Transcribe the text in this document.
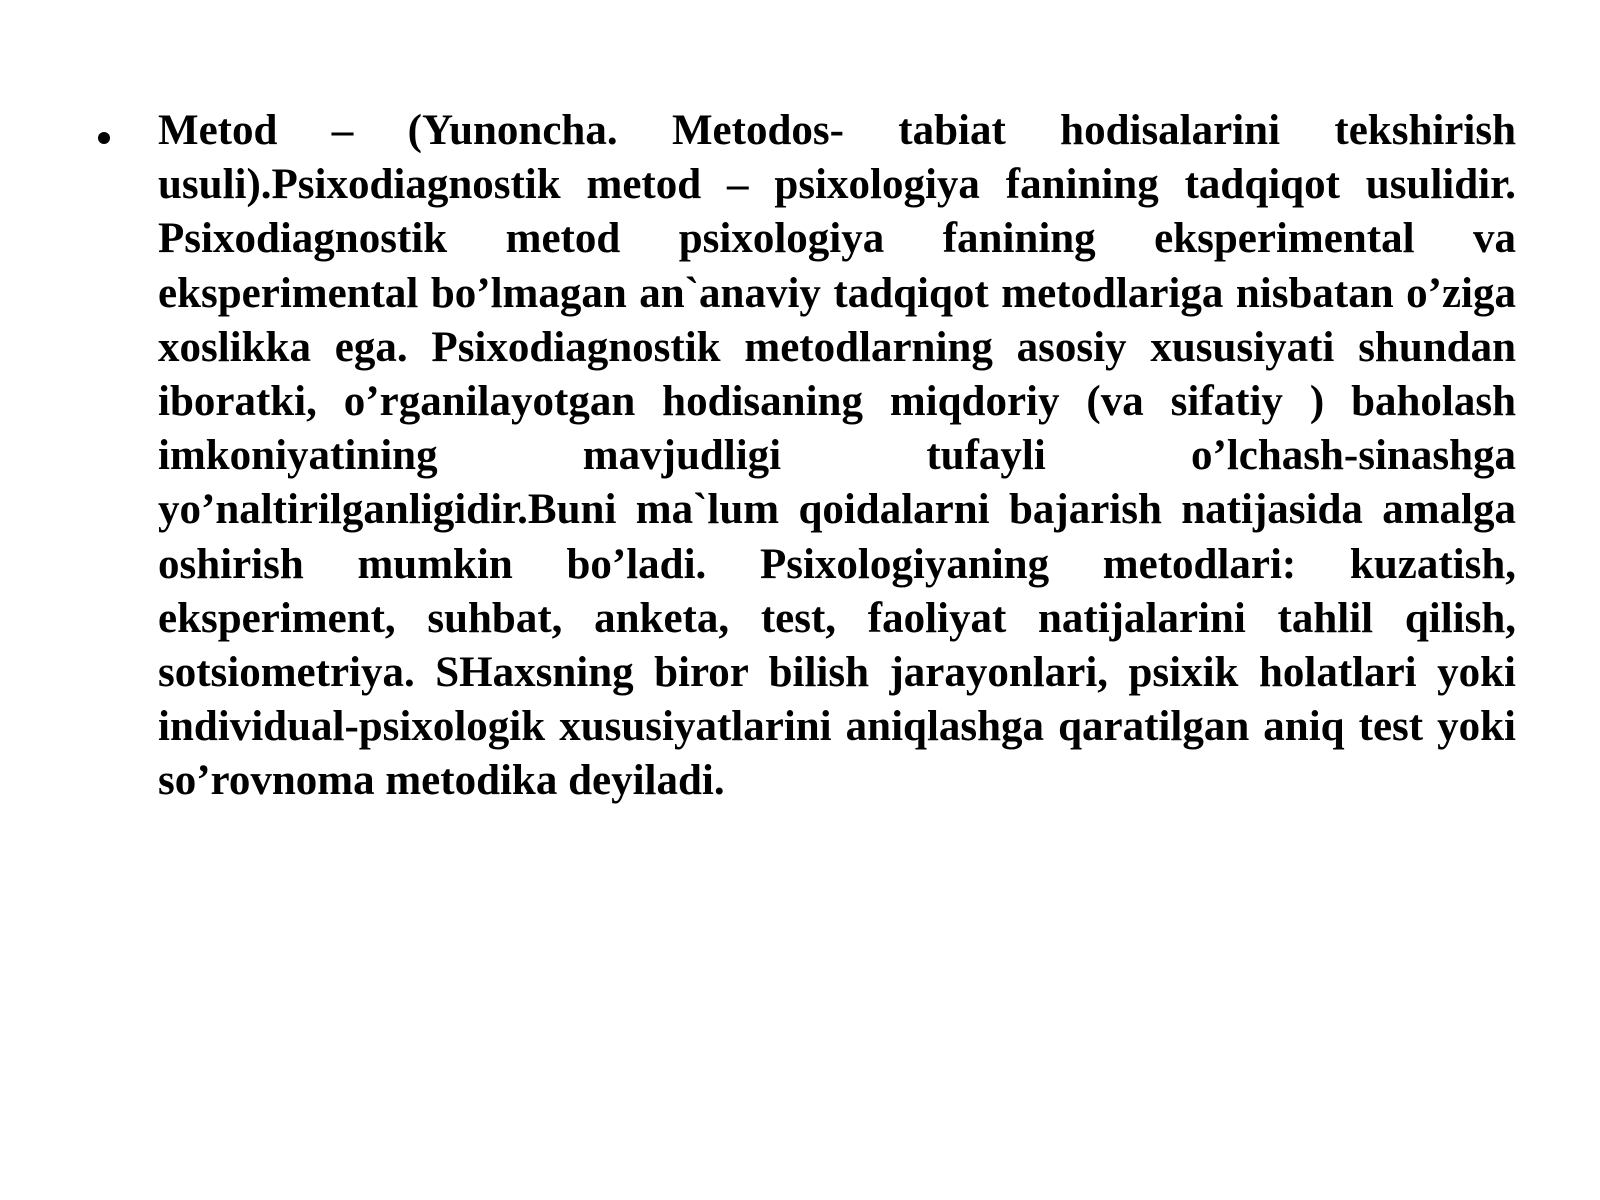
Metod – (Yunoncha. Metodos- tabiat hodisalarini tekshirish usuli).Psixodiagnostik metod – psixologiya fanining tadqiqot usulidir. Psixodiagnostik metod psixologiya fanining eksperimental va eksperimental bo’lmagan an`anaviy tadqiqot metodlariga nisbatan o’ziga xoslikka ega. Psixodiagnostik metodlarning asosiy xususiyati shundan iboratki, o’rganilayotgan hodisaning miqdoriy (va sifatiy ) baholash imkoniyatining mavjudligi tufayli o’lchash-sinashga yo’naltirilganligidir.Buni ma`lum qoidalarni bajarish natijasida amalga oshirish mumkin bo’ladi. Psixologiyaning metodlari: kuzatish, eksperiment, suhbat, anketa, test, faoliyat natijalarini tahlil qilish, sotsiometriya. SHaxsning biror bilish jarayonlari, psixik holatlari yoki individual-psixologik xususiyatlarini aniqlashga qaratilgan aniq test yoki so’rovnoma metodika deyiladi.
